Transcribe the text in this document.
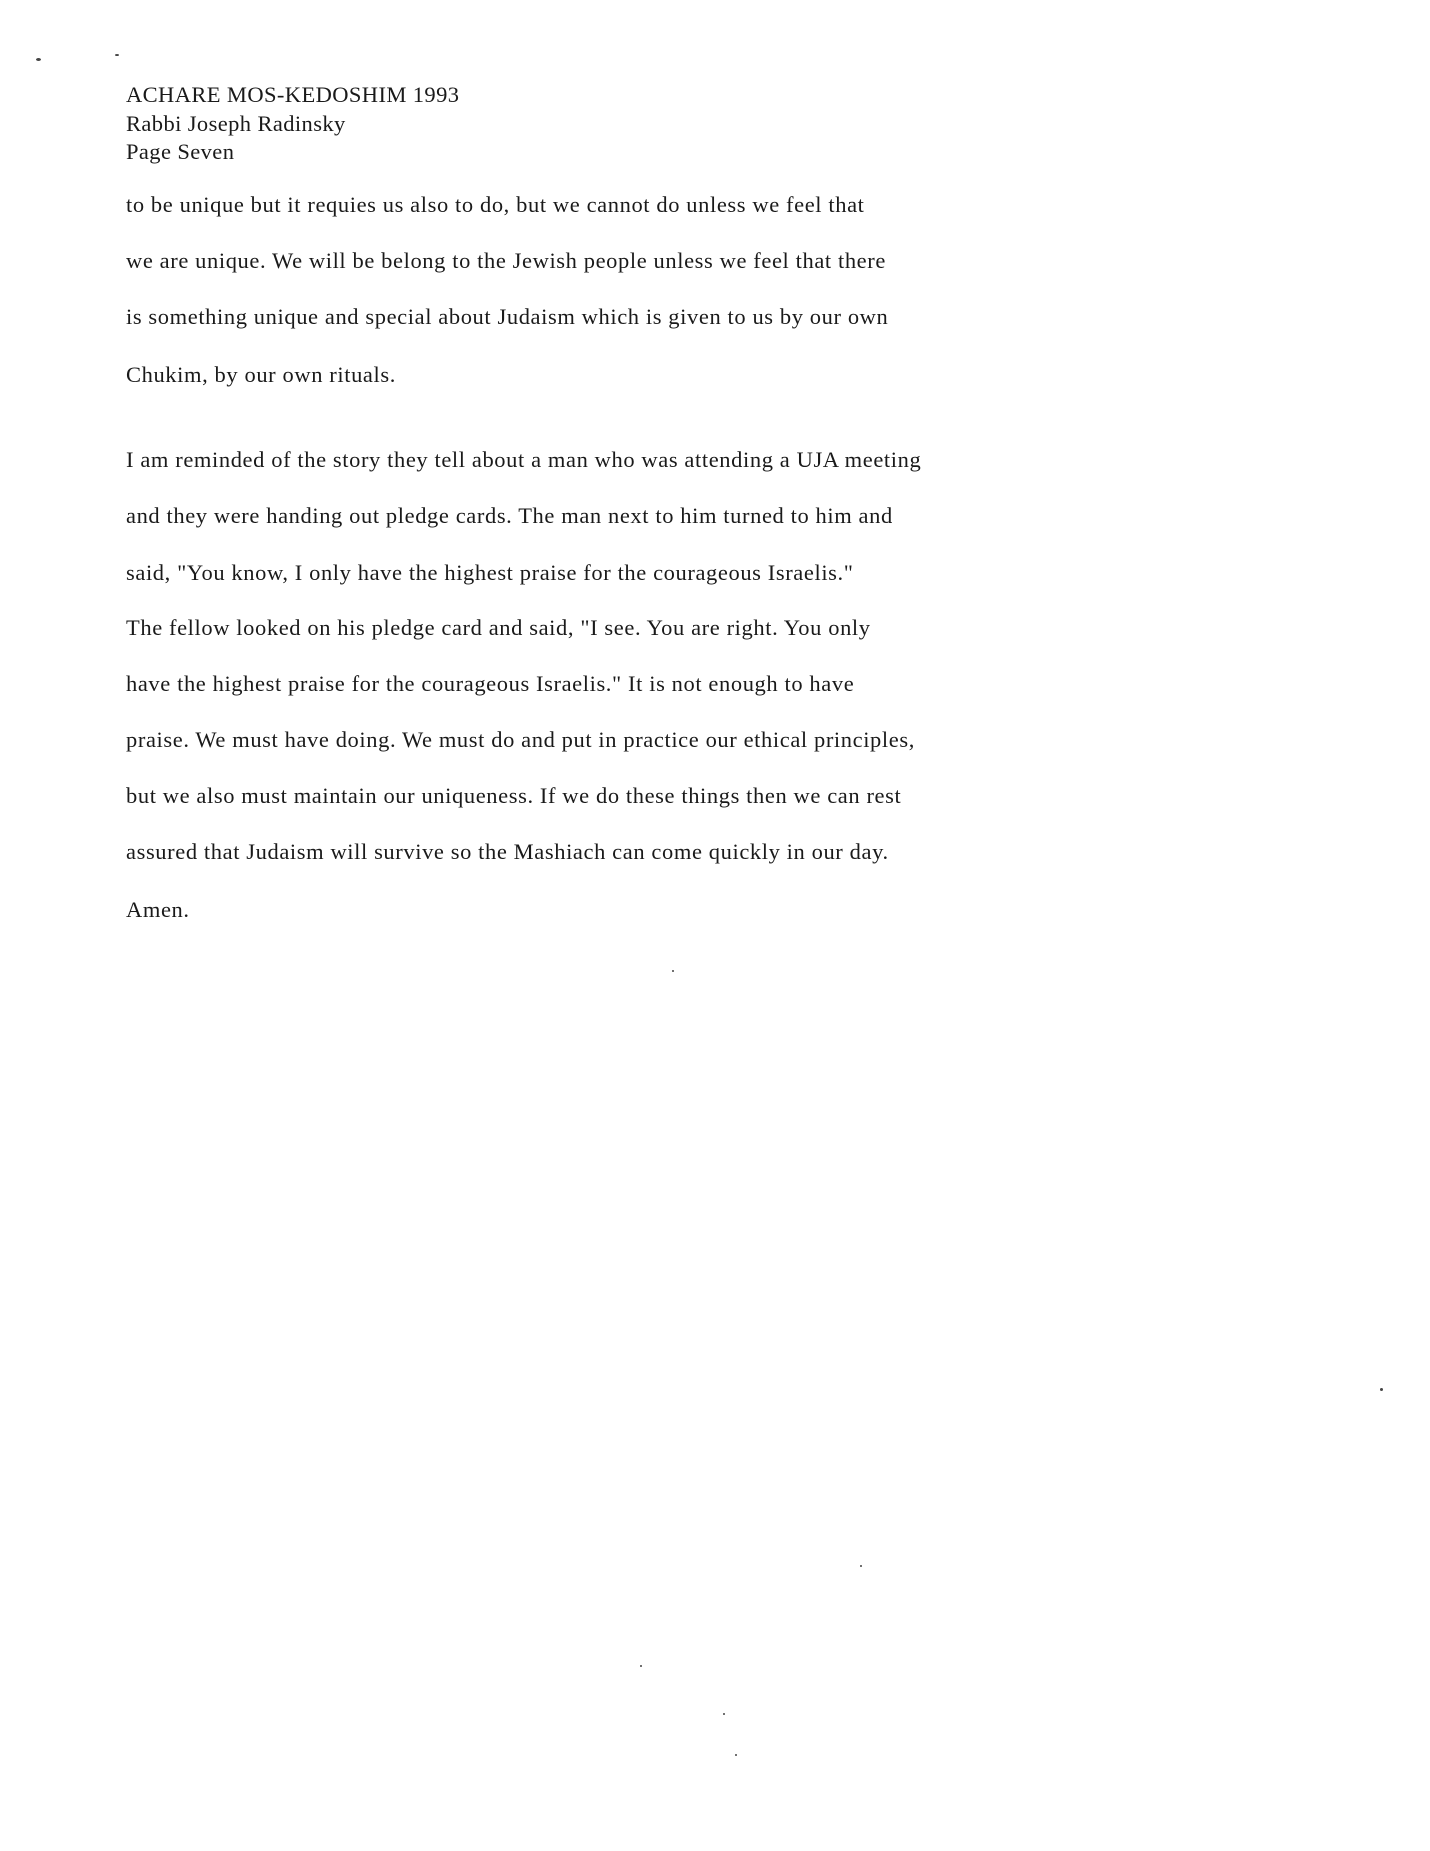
ACHARE MOS-KEDOSHIM 1993
Rabbi Joseph Radinsky
Page Seven
to be unique but it requies us also to do, but we cannot do unless we feel that
we are unique. We will be belong to the Jewish people unless we feel that there
is something unique and special about Judaism which is given to us by our own
Chukim, by our own rituals.
I am reminded of the story they tell about a man who was attending a UJA meeting
and they were handing out pledge cards. The man next to him turned to him and
said, "You know, I only have the highest praise for the courageous Israelis."
The fellow looked on his pledge card and said, "I see. You are right. You only
have the highest praise for the courageous Israelis." It is not enough to have
praise. We must have doing. We must do and put in practice our ethical principles,
but we also must maintain our uniqueness. If we do these things then we can rest
assured that Judaism will survive so the Mashiach can come quickly in our day.
Amen.
